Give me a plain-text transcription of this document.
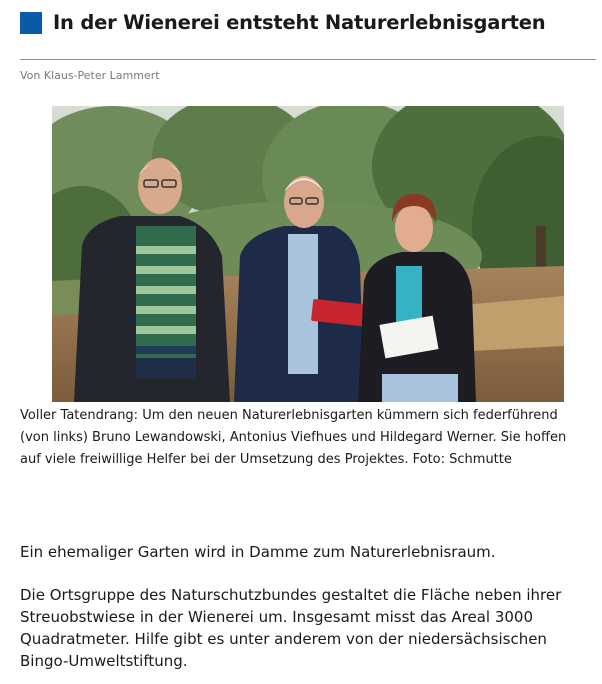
In der Wienerei entsteht Naturerlebnisgarten
Von Klaus-Peter Lammert

Voller Tatendrang: Um den neuen Naturerlebnisgarten kümmern sich federführend (von links) Bruno Lewandowski, Antonius Viefhues und Hildegard Werner. Sie hoffen auf viele freiwillige Helfer bei der Umsetzung des Projektes. Foto: Schmutte

Ein ehemaliger Garten wird in Damme zum Naturerlebnisraum.

Die Ortsgruppe des Naturschutzbundes gestaltet die Fläche neben ihrer Streuobstwiese in der Wienerei um. Insgesamt misst das Areal 3000 Quadratmeter. Hilfe gibt es unter anderem von der niedersächsischen Bingo-Umweltstiftung.
